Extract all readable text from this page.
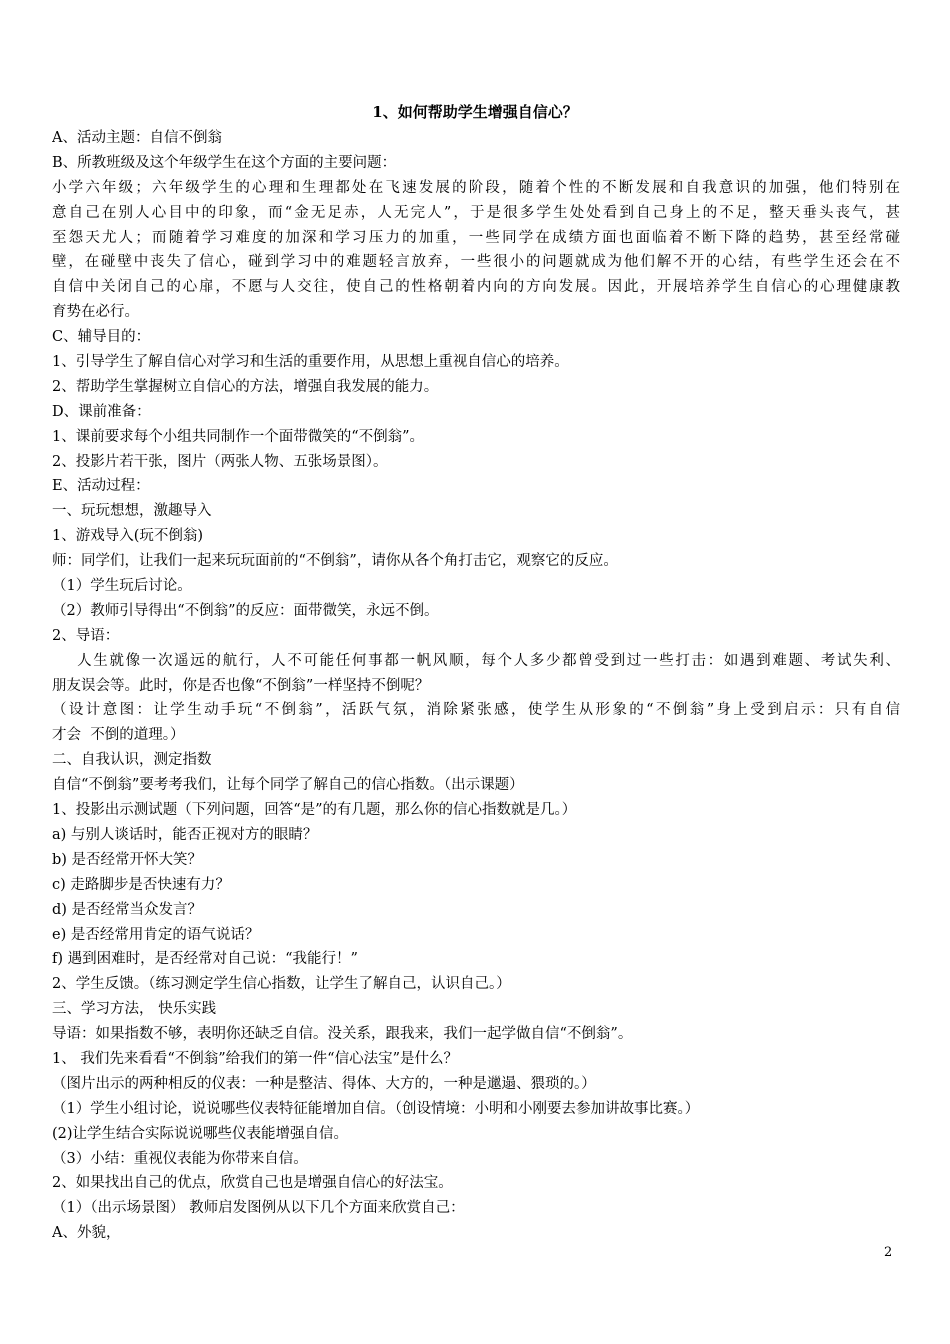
1、如何帮助学生增强自信心？
A、活动主题：自信不倒翁
B、所教班级及这个年级学生在这个方面的主要问题：
小学六年级；六年级学生的心理和生理都处在飞速发展的阶段，随着个性的不断发展和自我意识的加强，他们特别在
意自己在别人心目中的印象，而“金无足赤，人无完人”，于是很多学生处处看到自己身上的不足，整天垂头丧气，甚
至怨天尤人；而随着学习难度的加深和学习压力的加重，一些同学在成绩方面也面临着不断下降的趋势，甚至经常碰
壁，在碰壁中丧失了信心，碰到学习中的难题轻言放弃，一些很小的问题就成为他们解不开的心结，有些学生还会在不
自信中关闭自己的心扉，不愿与人交往，使自己的性格朝着内向的方向发展。因此，开展培养学生自信心的心理健康教
育势在必行。
C、辅导目的：
1、引导学生了解自信心对学习和生活的重要作用，从思想上重视自信心的培养。
2、帮助学生掌握树立自信心的方法，增强自我发展的能力。
D、课前准备：
1、课前要求每个小组共同制作一个面带微笑的“不倒翁”。
2、投影片若干张，图片（两张人物、五张场景图）。
E、活动过程：
一、玩玩想想，激趣导入
1、游戏导入(玩不倒翁)
师：同学们，让我们一起来玩玩面前的“不倒翁”，请你从各个角打击它，观察它的反应。
（1）学生玩后讨论。
（2）教师引导得出“不倒翁”的反应：面带微笑，永远不倒。
2、导语：
人生就像一次遥远的航行，人不可能任何事都一帆风顺，每个人多少都曾受到过一些打击：如遇到难题、考试失利、
朋友误会等。此时，你是否也像“不倒翁”一样坚持不倒呢？
（设计意图：让学生动手玩“不倒翁”，活跃气氛，消除紧张感，使学生从形象的“不倒翁”身上受到启示：只有自信
才会  不倒的道理。）
二、自我认识，测定指数
自信“不倒翁”要考考我们，让每个同学了解自己的信心指数。（出示课题）
1、投影出示测试题（下列问题，回答“是”的有几题，那么你的信心指数就是几。）
a) 与别人谈话时，能否正视对方的眼睛？
b) 是否经常开怀大笑？
c) 走路脚步是否快速有力？
d) 是否经常当众发言？
e) 是否经常用肯定的语气说话？
f) 遇到困难时，是否经常对自己说：“我能行！”
2、学生反馈。（练习测定学生信心指数，让学生了解自己，认识自己。）
三、学习方法， 快乐实践
导语：如果指数不够，表明你还缺乏自信。没关系，跟我来，我们一起学做自信“不倒翁”。
1、 我们先来看看“不倒翁”给我们的第一件“信心法宝”是什么？
（图片出示的两种相反的仪表：一种是整洁、得体、大方的，一种是邋遢、猥琐的。）
（1）学生小组讨论，说说哪些仪表特征能增加自信。（创设情境：小明和小刚要去参加讲故事比赛。）
(2)让学生结合实际说说哪些仪表能增强自信。
（3）小结：重视仪表能为你带来自信。
2、如果找出自己的优点，欣赏自己也是增强自信心的好法宝。
（1）（出示场景图） 教师启发图例从以下几个方面来欣赏自己：
A、外貌，
2
